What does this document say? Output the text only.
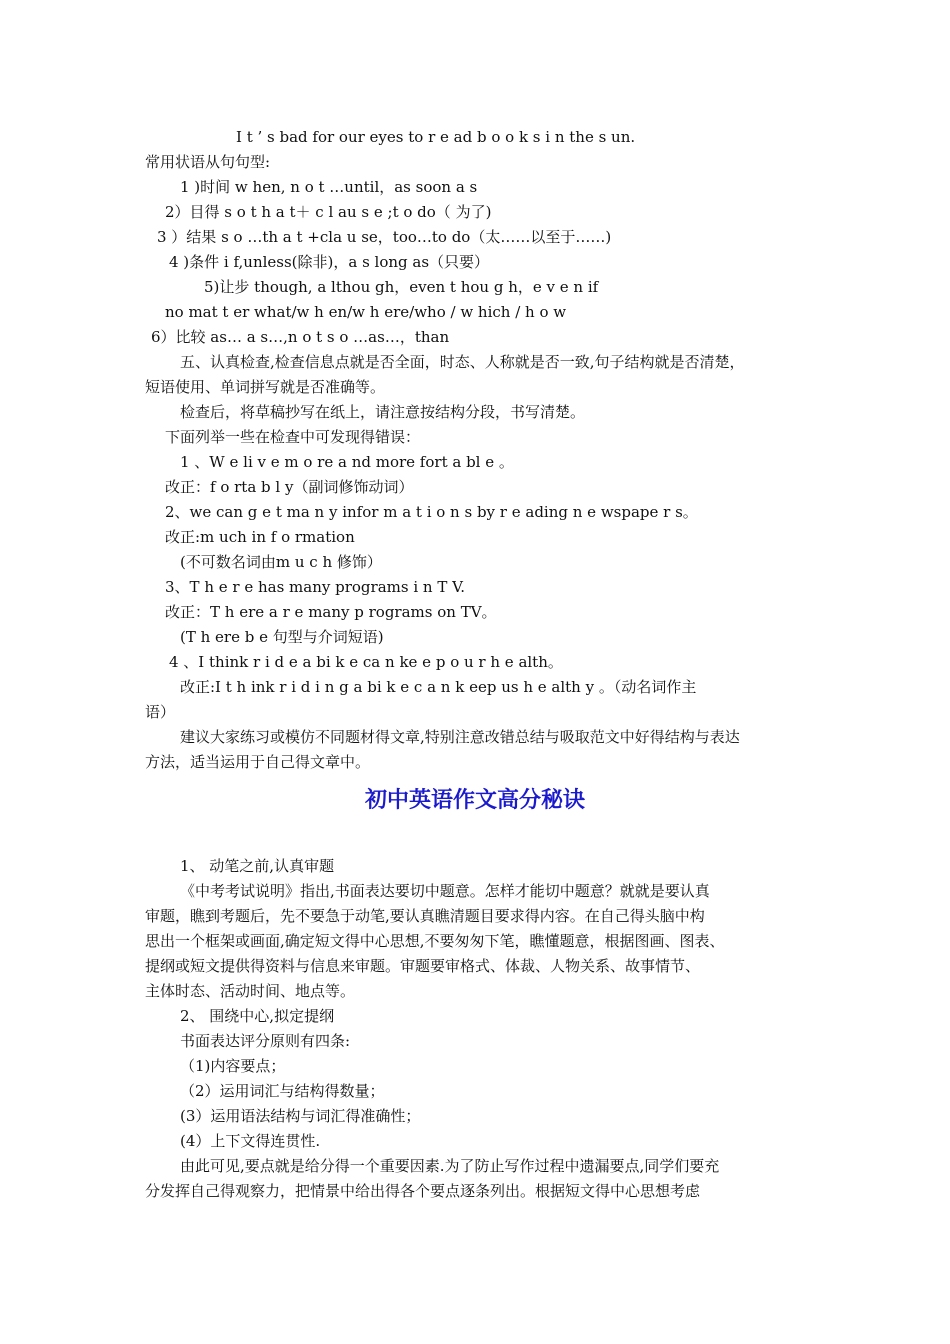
I t ’ s bad for our eyes to r e ad b o o k s i n the s un.
常用状语从句句型:
1 )时间 w hen, n o t …until，as soon a s
2）目得 s o t h a t＋ c l au s e ;t o do（ 为了)
3 ）结果 s o …th a t +cla u se，too…to do（太……以至于……)
4 )条件 i f,unless(除非)，a s long as（只要）
5)让步 though, a lthou gh，even t hou g h，e v e n if
no mat t er what/w h en/w h ere/who / w hich / h o w
6）比较 as… a s…,n o t s o …as…，than
五、认真检查,检查信息点就是否全面，时态、人称就是否一致,句子结构就是否清楚，
短语使用、单词拼写就是否准确等。
检查后，将草稿抄写在纸上，请注意按结构分段，书写清楚。
下面列举一些在检查中可发现得错误：
1 、W e li v e m o re a nd more fort a bl e 。
改正：f o rta b l y（副词修饰动词）
2、we can g e t ma n y infor m a t i o n s by r e ading n e wspape r s。
改正:m uch in f o rmation
(不可数名词由m u c h 修饰）
3、T h e r e has many programs i n T V.
改正：T h ere a r e many p rograms on TV。
(T h ere b e 句型与介词短语)
4 、I think r i d e a bi k e ca n ke e p o u r h e alth。
改正:I t h ink r i d i n g a bi k e c a n k eep us h e alth y 。（动名词作主
语）
建议大家练习或模仿不同题材得文章,特别注意改错总结与吸取范文中好得结构与表达
方法，适当运用于自己得文章中。
初中英语作文高分秘诀
1、 动笔之前,认真审题
《中考考试说明》指出,书面表达要切中题意。怎样才能切中题意？就就是要认真
审题，瞧到考题后，先不要急于动笔,要认真瞧清题目要求得内容。在自己得头脑中构
思出一个框架或画面,确定短文得中心思想,不要匆匆下笔，瞧懂题意，根据图画、图表、
提纲或短文提供得资料与信息来审题。审题要审格式、体裁、人物关系、故事情节、
主体时态、活动时间、地点等。
2、 围绕中心,拟定提纲
书面表达评分原则有四条:
（1)内容要点；
（2）运用词汇与结构得数量；
(3）运用语法结构与词汇得准确性；
(4）上下文得连贯性.
由此可见,要点就是给分得一个重要因素.为了防止写作过程中遗漏要点,同学们要充
分发挥自己得观察力，把情景中给出得各个要点逐条列出。根据短文得中心思想考虑
